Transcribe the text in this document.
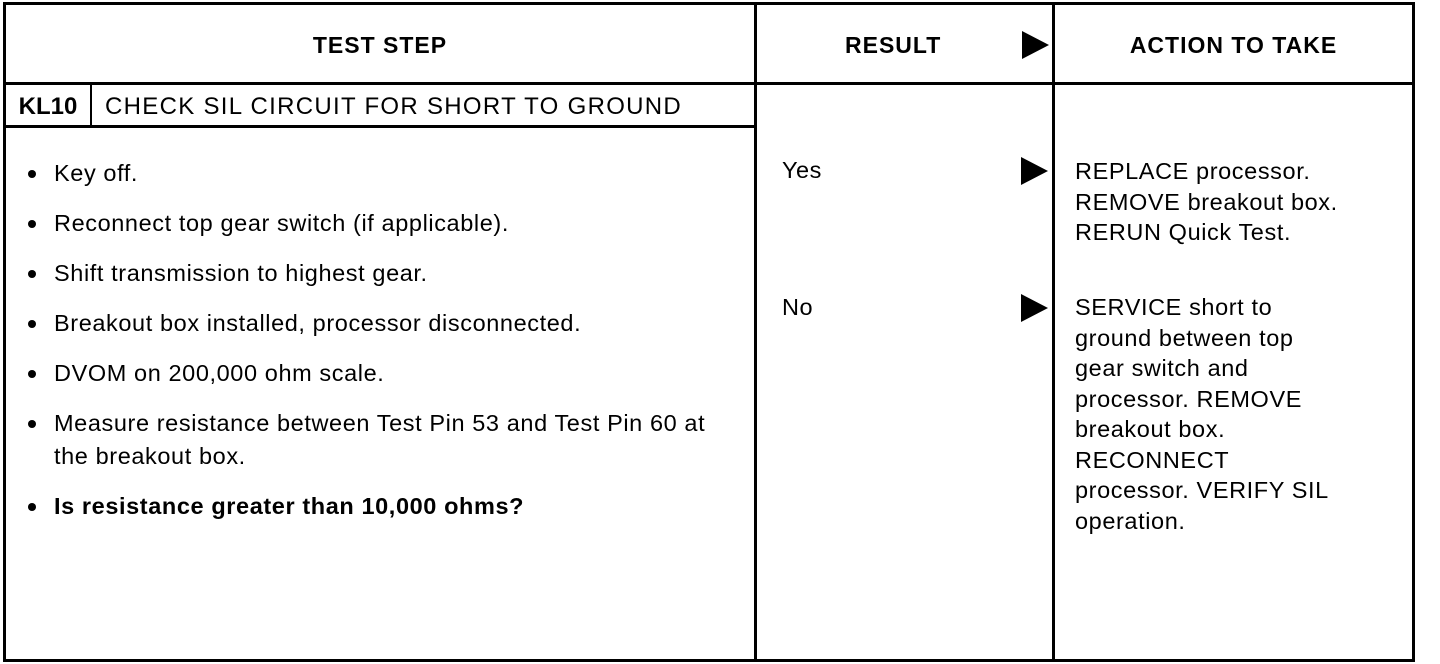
TEST STEP	RESULT	ACTION TO TAKE
KL10	CHECK SIL CIRCUIT FOR SHORT TO GROUND
Key off.
Reconnect top gear switch (if applicable).
Shift transmission to highest gear.
Breakout box installed, processor disconnected.
DVOM on 200,000 ohm scale.
Measure resistance between Test Pin 53 and Test Pin 60 at the breakout box.
Is resistance greater than 10,000 ohms?
Yes	REPLACE processor.
REMOVE breakout box.
RERUN Quick Test.
No	SERVICE short to
ground between top
gear switch and
processor. REMOVE
breakout box.
RECONNECT
processor. VERIFY SIL
operation.
